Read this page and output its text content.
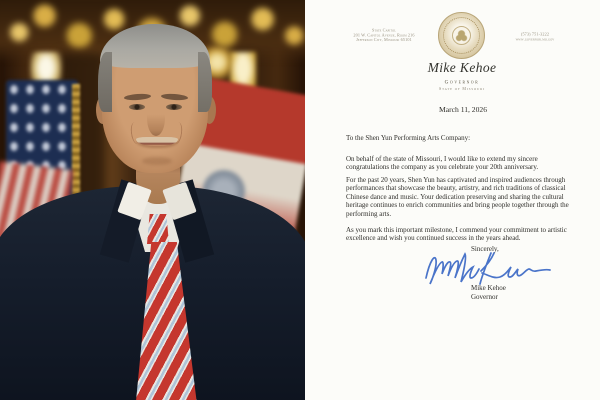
State Capitol
201 W. Capitol Avenue, Room 216
Jefferson City, Missouri 65101
(573) 751-3222
www.governor.mo.gov
Mike Kehoe
Governor
State of Missouri
March 11, 2026
To the Shen Yun Performing Arts Company:
On behalf of the state of Missouri, I would like to extend my sincere congratulations the company as you celebrate your 20th anniversary.
For the past 20 years, Shen Yun has captivated and inspired audiences through performances that showcase the beauty, artistry, and rich traditions of classical Chinese dance and music. Your dedication preserving and sharing the cultural heritage continues to enrich communities and bring people together through the performing arts.
As you mark this important milestone, I commend your commitment to artistic excellence and wish you continued success in the years ahead.
Sincerely,
Mike Kehoe
Governor
